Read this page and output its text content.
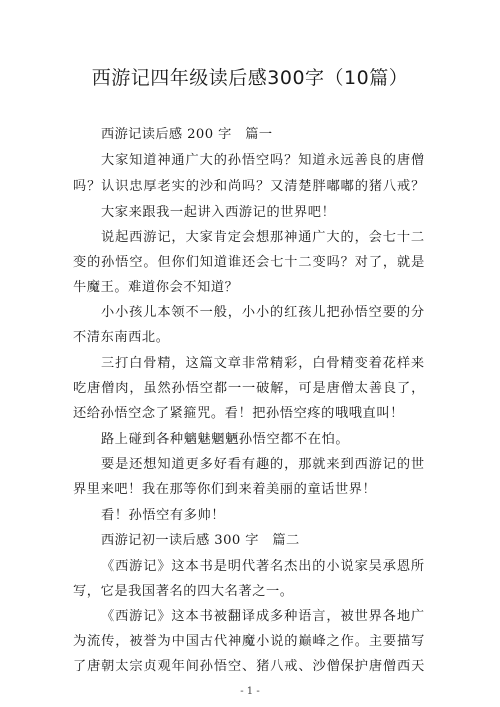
西游记四年级读后感300字（10篇）
西游记读后感 200 字　篇一
大家知道神通广大的孙悟空吗？知道永远善良的唐僧
吗？认识忠厚老实的沙和尚吗？又清楚胖嘟嘟的猪八戒？
大家来跟我一起讲入西游记的世界吧！
说起西游记，大家肯定会想那神通广大的，会七十二
变的孙悟空。但你们知道谁还会七十二变吗？对了，就是
牛魔王。难道你会不知道？
小小孩儿本领不一般，小小的红孩儿把孙悟空要的分
不清东南西北。
三打白骨精，这篇文章非常精彩，白骨精变着花样来
吃唐僧肉，虽然孙悟空都一一破解，可是唐僧太善良了，
还给孙悟空念了紧箍咒。看！把孙悟空疼的哦哦直叫！
路上碰到各种魑魅魍魉孙悟空都不在怕。
要是还想知道更多好看有趣的，那就来到西游记的世
界里来吧！我在那等你们到来着美丽的童话世界！
看！孙悟空有多帅！
西游记初一读后感 300 字　篇二
《西游记》这本书是明代著名杰出的小说家吴承恩所
写，它是我国著名的四大名著之一。
《西游记》这本书被翻译成多种语言，被世界各地广
为流传，被誉为中国古代神魔小说的巅峰之作。主要描写
了唐朝太宗贞观年间孙悟空、猪八戒、沙僧保护唐僧西天
- 1 -
